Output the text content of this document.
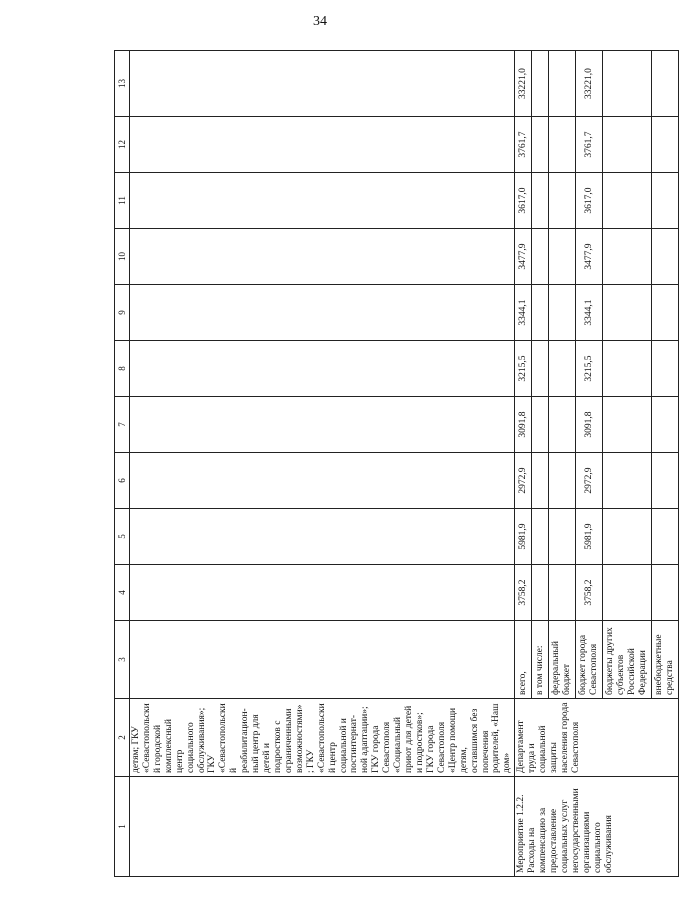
34
1	2	3	4	5	6	7	8	9	10	11	12	13
	детям; ГКУ «Севастопольский городской комплексный центр социального обслуживания»; ГКУ «Севастопольский реабилитацион-ный центр для детей и подростков с ограниченными возможностями»; ГКУ «Севастопольский центр социальной и постинтернат-ной адаптации»; ГКУ города Севастополя «Социальный приют для детей и подростков»; ГКУ города Севастополя «Центр помощи детям, оставшимся без попечения родителей, «Наш дом»											
Мероприятие 1.2.2. Расходы на компенсацию за предоставление социальных услуг негосударственными организациями социального обслуживания	Департамент труда и социальной защиты населения города Севастополя	всего,	3758,2	5981,9	2972,9	3091,8	3215,5	3344,1	3477,9	3617,0	3761,7	33221,0
		в том числе:										
		федеральный бюджет										
		бюджет города Севастополя	3758,2	5981,9	2972,9	3091,8	3215,5	3344,1	3477,9	3617,0	3761,7	33221,0
		бюджеты других субъектов Российской Федерации										
		внебюджетные средства										
